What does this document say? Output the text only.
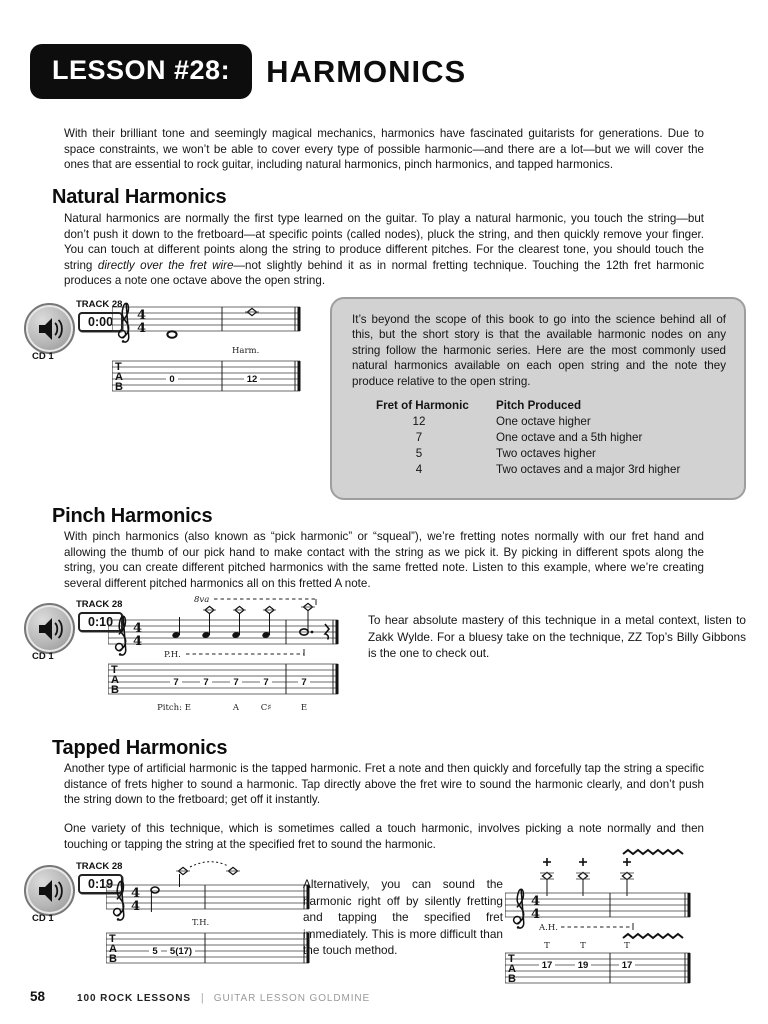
LESSON #28:	HARMONICS

With their brilliant tone and seemingly magical mechanics, harmonics have fascinated guitarists for generations. Due to space constraints, we won’t be able to cover every type of possible harmonic—and there are a lot—but we will cover the ones that are essential to rock guitar, including natural harmonics, pinch harmonics, and tapped harmonics.

Natural Harmonics

Natural harmonics are normally the first type learned on the guitar. To play a natural harmonic, you touch the string—but don’t push it down to the fretboard—at specific points (called nodes), pluck the string, and then quickly remove your finger. You can touch at different points along the string to produce different pitches. For the clearest tone, you should touch the string directly over the fret wire—not slightly behind it as in normal fretting technique. Touching the 12th fret harmonic produces a note one octave above the open string.

TRACK 28
0:00
CD 1
4
4
Harm.
T
A
B
0	12

It’s beyond the scope of this book to go into the science behind all of this, but the short story is that the available harmonic nodes on any string follow the harmonic series. Here are the most commonly used natural harmonics available on each open string and the note they produce relative to the open string.

Fret of Harmonic	Pitch Produced
12	One octave higher
7	One octave and a 5th higher
5	Two octaves higher
4	Two octaves and a major 3rd higher
Pinch Harmonics

With pinch harmonics (also known as “pick harmonic” or “squeal”), we’re fretting notes normally with our fret hand and allowing the thumb of our pick hand to make contact with the string as we pick it. By picking in different spots along the string, you can create different pitched harmonics with the same fretted note. Listen to this example, where we’re creating several different pitched harmonics all on this fretted A note.

TRACK 28
0:10
CD 1
8va
4
4
P.H.
T
A
B
7	7	7	7	7
Pitch: E	A	C♯	E

To hear absolute mastery of this technique in a metal context, listen to Zakk Wylde. For a bluesy take on the technique, ZZ Top’s Billy Gibbons is the one to check out.

Tapped Harmonics

Another type of artificial harmonic is the tapped harmonic. Fret a note and then quickly and forcefully tap the string a specific distance of frets higher to sound a harmonic. Tap directly above the fret wire to sound the harmonic clearly, and don’t push the string down to the fretboard; get off it instantly.

One variety of this technique, which is sometimes called a touch harmonic, involves picking a note normally and then touching or tapping the string at the specified fret to sound the harmonic.

TRACK 28
0:19
CD 1
4
4
T.H.
T
A
B
5 5(17)

Alternatively, you can sound the harmonic right off by silently fretting and tapping the specified fret immediately. This is more difficult than the touch method.

4
4
A.H.
T	T	T
T
A
B
17	19	17
58	100 ROCK LESSONS | GUITAR LESSON GOLDMINE
